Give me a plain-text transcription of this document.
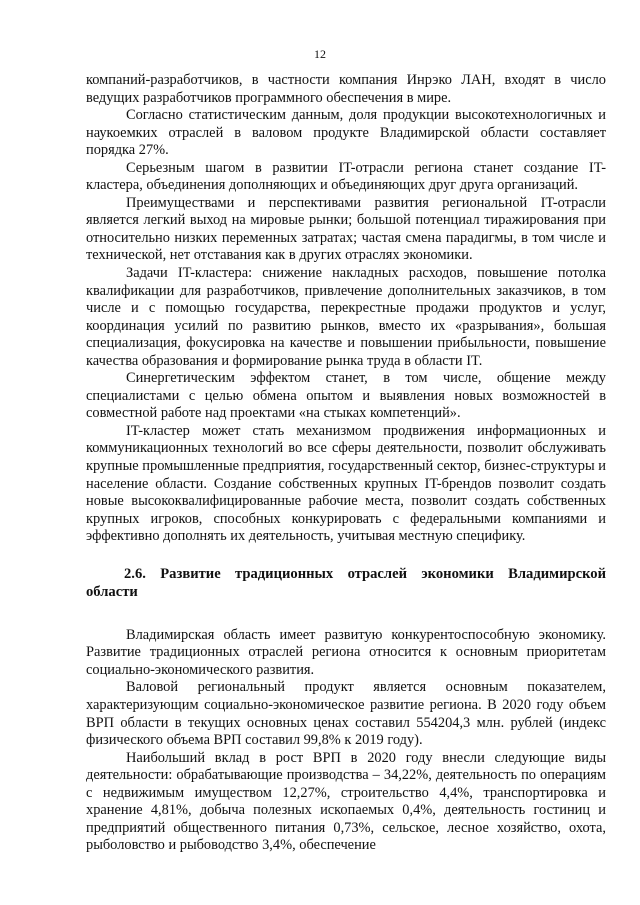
12

компаний-разработчиков, в частности компания Инрэко ЛАН, входят в число ведущих разработчиков программного обеспечения в мире.

Согласно статистическим данным, доля продукции высокотехнологичных и наукоемких отраслей в валовом продукте Владимирской области составляет порядка 27%.

Серьезным шагом в развитии IT-отрасли региона станет создание IT-кластера, объединения дополняющих и объединяющих друг друга организаций.

Преимуществами и перспективами развития региональной IT-отрасли является легкий выход на мировые рынки; большой потенциал тиражирования при относительно низких переменных затратах; частая смена парадигмы, в том числе и технической, нет отставания как в других отраслях экономики.

Задачи IT-кластера: снижение накладных расходов, повышение потолка квалификации для разработчиков, привлечение дополнительных заказчиков, в том числе и с помощью государства, перекрестные продажи продуктов и услуг, координация усилий по развитию рынков, вместо их «разрывания», большая специализация, фокусировка на качестве и повышении прибыльности, повышение качества образования и формирование рынка труда в области IT.

Синергетическим эффектом станет, в том числе, общение между специалистами с целью обмена опытом и выявления новых возможностей в совместной работе над проектами «на стыках компетенций».

IT-кластер может стать механизмом продвижения информационных и коммуникационных технологий во все сферы деятельности, позволит обслуживать крупные промышленные предприятия, государственный сектор, бизнес-структуры и население области. Создание собственных крупных IT-брендов позволит создать новые высококвалифицированные рабочие места, позволит создать собственных крупных игроков, способных конкурировать с федеральными компаниями и эффективно дополнять их деятельность, учитывая местную специфику.

2.6. Развитие традиционных отраслей экономики Владимирской области

Владимирская область имеет развитую конкурентоспособную экономику. Развитие традиционных отраслей региона относится к основным приоритетам социально-экономического развития.

Валовой региональный продукт является основным показателем, характеризующим социально-экономическое развитие региона. В 2020 году объем ВРП области в текущих основных ценах составил 554204,3 млн. рублей (индекс физического объема ВРП составил 99,8% к 2019 году).

Наибольший вклад в рост ВРП в 2020 году внесли следующие виды деятельности: обрабатывающие производства – 34,22%, деятельность по операциям с недвижимым имуществом 12,27%, строительство 4,4%, транспортировка и хранение 4,81%, добыча полезных ископаемых 0,4%, деятельность гостиниц и предприятий общественного питания 0,73%, сельское, лесное хозяйство, охота, рыболовство и рыбоводство 3,4%, обеспечение
